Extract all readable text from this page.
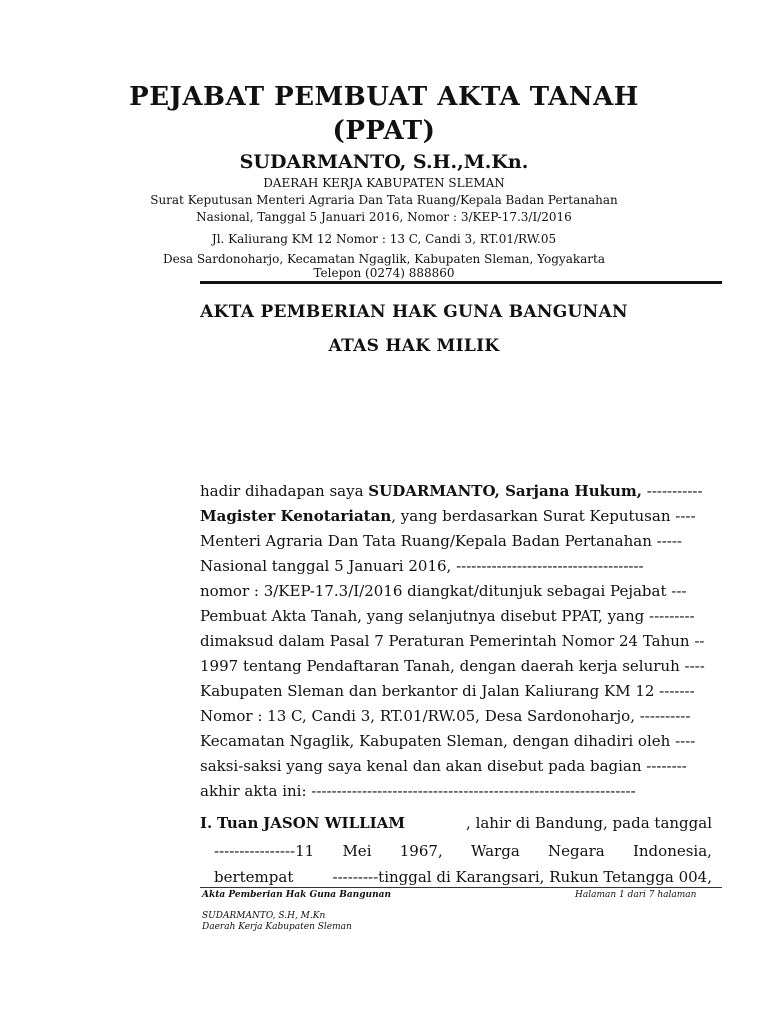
PEJABAT PEMBUAT AKTA TANAH
(PPAT)
SUDARMANTO, S.H.,M.Kn.
DAERAH KERJA KABUPATEN SLEMAN
Surat Keputusan Menteri Agraria Dan Tata Ruang/Kepala Badan Pertanahan
Nasional, Tanggal 5 Januari 2016, Nomor : 3/KEP-17.3/I/2016
Jl. Kaliurang KM 12 Nomor : 13 C, Candi 3, RT.01/RW.05
Desa Sardonoharjo, Kecamatan Ngaglik, Kabupaten Sleman, Yogyakarta
Telepon (0274) 888860
AKTA PEMBERIAN HAK GUNA BANGUNAN
ATAS HAK MILIK
hadir dihadapan saya SUDARMANTO, Sarjana Hukum, -----------
Magister Kenotariatan, yang berdasarkan Surat Keputusan ----
Menteri Agraria Dan Tata Ruang/Kepala Badan Pertanahan -----
Nasional tanggal 5 Januari 2016, -------------------------------------
nomor : 3/KEP-17.3/I/2016 diangkat/ditunjuk sebagai Pejabat ---
Pembuat Akta Tanah, yang selanjutnya disebut PPAT, yang ---------
dimaksud dalam Pasal 7 Peraturan Pemerintah Nomor 24 Tahun --
1997 tentang Pendaftaran Tanah, dengan daerah kerja seluruh ----
Kabupaten Sleman dan berkantor di Jalan Kaliurang KM 12 -------
Nomor : 13 C, Candi 3, RT.01/RW.05, Desa Sardonoharjo, ----------
Kecamatan Ngaglik, Kabupaten Sleman, dengan dihadiri oleh ----
saksi-saksi yang saya kenal dan akan disebut pada bagian --------
akhir akta ini: ----------------------------------------------------------------
I. Tuan JASON WILLIAM	, lahir di Bandung, pada tanggal
----------------11 Mei 1967, Warga Negara Indonesia,
bertempat	---------tinggal di Karangsari, Rukun Tetangga 004,
Akta Pemberian Hak Guna Bangunan	Halaman 1 dari 7 halaman
SUDARMANTO, S.H, M.Kn
Daerah Kerja Kabupaten Sleman
